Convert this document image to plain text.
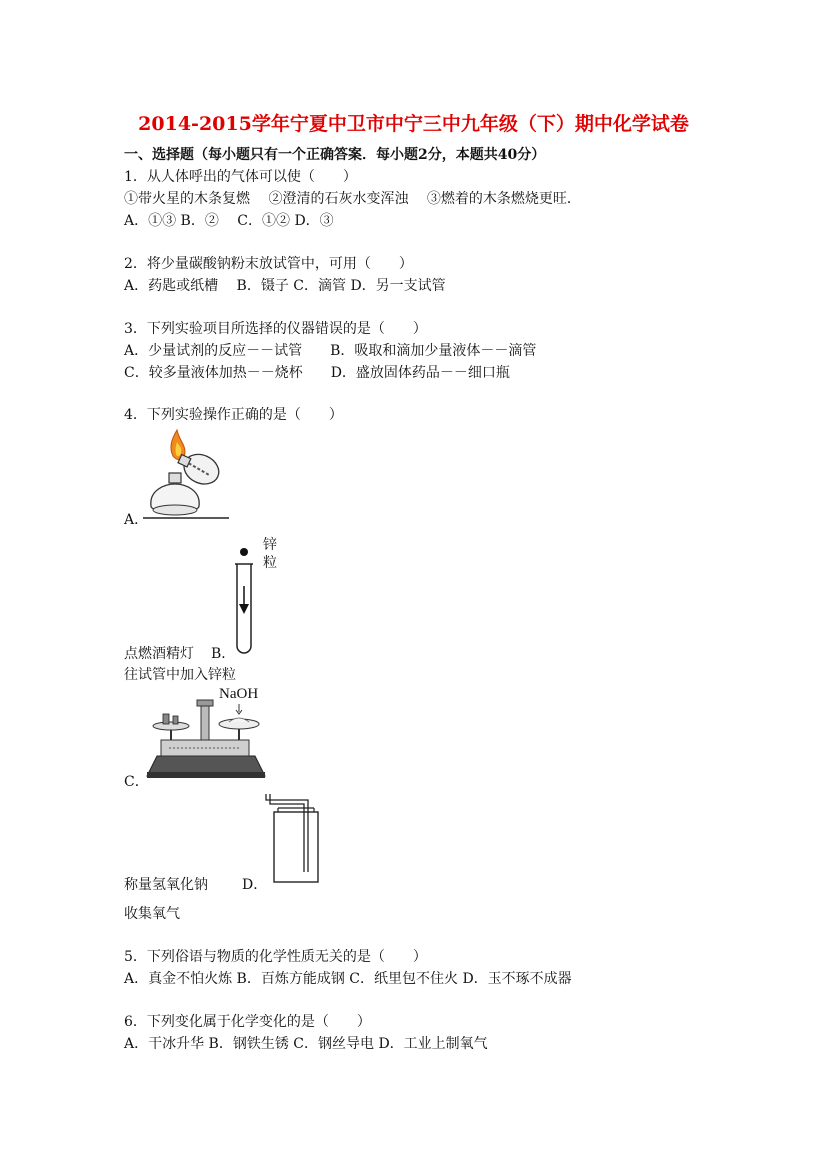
2014-2015学年宁夏中卫市中宁三中九年级（下）期中化学试卷
一、选择题（每小题只有一个正确答案．每小题2分，本题共40分）
1．从人体呼出的气体可以使（　　）
①带火星的木条复燃　 ②澄清的石灰水变浑浊　 ③燃着的木条燃烧更旺．
A．①③ B．② 　C．①② D．③
2．将少量碳酸钠粉末放试管中，可用（　　）
A．药匙或纸槽　 B．镊子 C．滴管 D．另一支试管
3．下列实验项目所选择的仪器错误的是（　　）
A．少量试剂的反应－－试管　　B．吸取和滴加少量液体－－滴管
C．较多量液体加热－－烧杯　　D．盛放固体药品－－细口瓶
4．下列实验操作正确的是（　　）
A．
锌粒
点燃酒精灯 B．
往试管中加入锌粒
NaOH
C．
称量氢氧化钠 D．
收集氧气
5．下列俗语与物质的化学性质无关的是（　　）
A．真金不怕火炼 B．百炼方能成钢 C．纸里包不住火 D．玉不琢不成器
6．下列变化属于化学变化的是（　　）
A．干冰升华 B．钢铁生锈 C．钢丝导电 D．工业上制氧气
